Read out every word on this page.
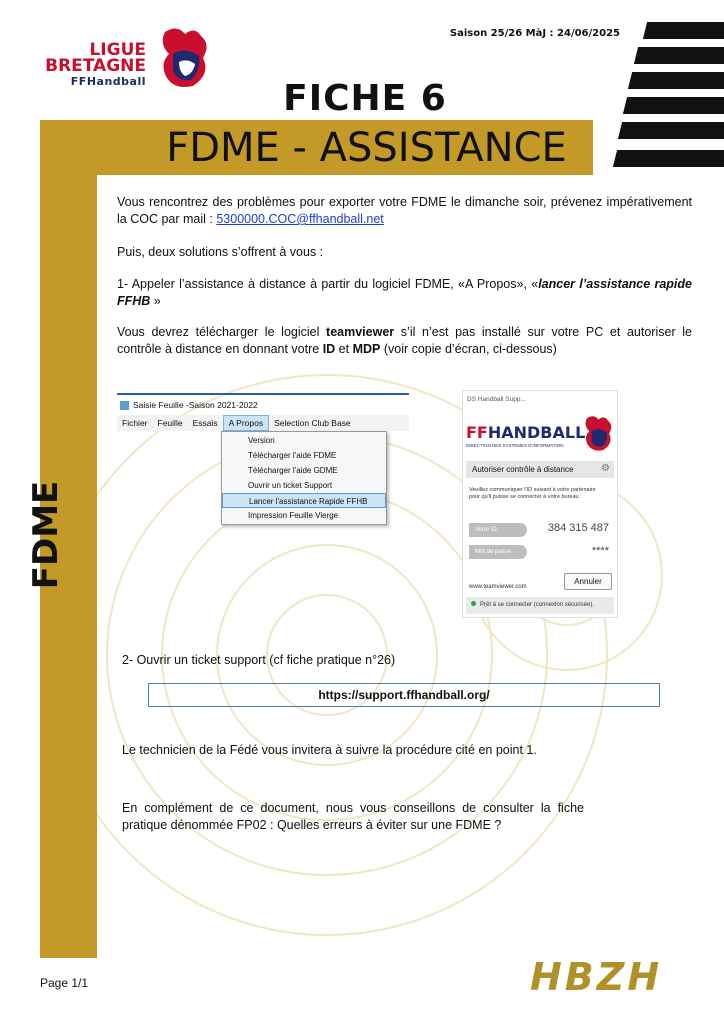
LIGUE
BRETAGNE
FFHandball
Saison 25/26 MàJ : 24/06/2025
FICHE 6
FDME - ASSISTANCE
FDME
Vous rencontrez des problèmes pour exporter votre FDME le dimanche soir, prévenez impérativement la COC par mail : 5300000.COC@ffhandball.net
Puis, deux solutions s’offrent à vous :
1- Appeler l’assistance à distance à partir du logiciel FDME, «A Propos», «lancer l’assistance rapide FFHB »
Vous devrez télécharger le logiciel teamviewer s’il n’est pas installé sur votre PC et autoriser le contrôle à distance en donnant votre ID et MDP (voir copie d’écran, ci-dessous)
Saisie Feuille -Saison 2021-2022
Fichier Feuille Essais A Propos Selection Club Base
Version
Télécharger l'aide FDME
Télécharger l'aide GDME
Ouvrir un ticket Support
Lancer l'assistance Rapide FFHB
Impression Feuille Vierge
DS Handball Supp...
FFHANDBALL
DIRECTION DES SYSTEMES D'INFORMATION
Autoriser contrôle à distance	⚙
Veuillez communiquer l'ID suivant à votre partenaire pour qu'il puisse se connecter à votre bureau :
Votre ID	384 315 487
Mot de passe	****
www.teamviewer.com
Annuler
Prêt à se connecter (connexion sécurisée).
2- Ouvrir un ticket support (cf fiche pratique n°26)
https://support.ffhandball.org/
Le technicien de la Fédé vous invitera à suivre la procédure cité en point 1.
En complément de ce document, nous vous conseillons de consulter la fiche pratique dénommée FP02 : Quelles erreurs à éviter sur une FDME ?
Page 1/1	HBZH
